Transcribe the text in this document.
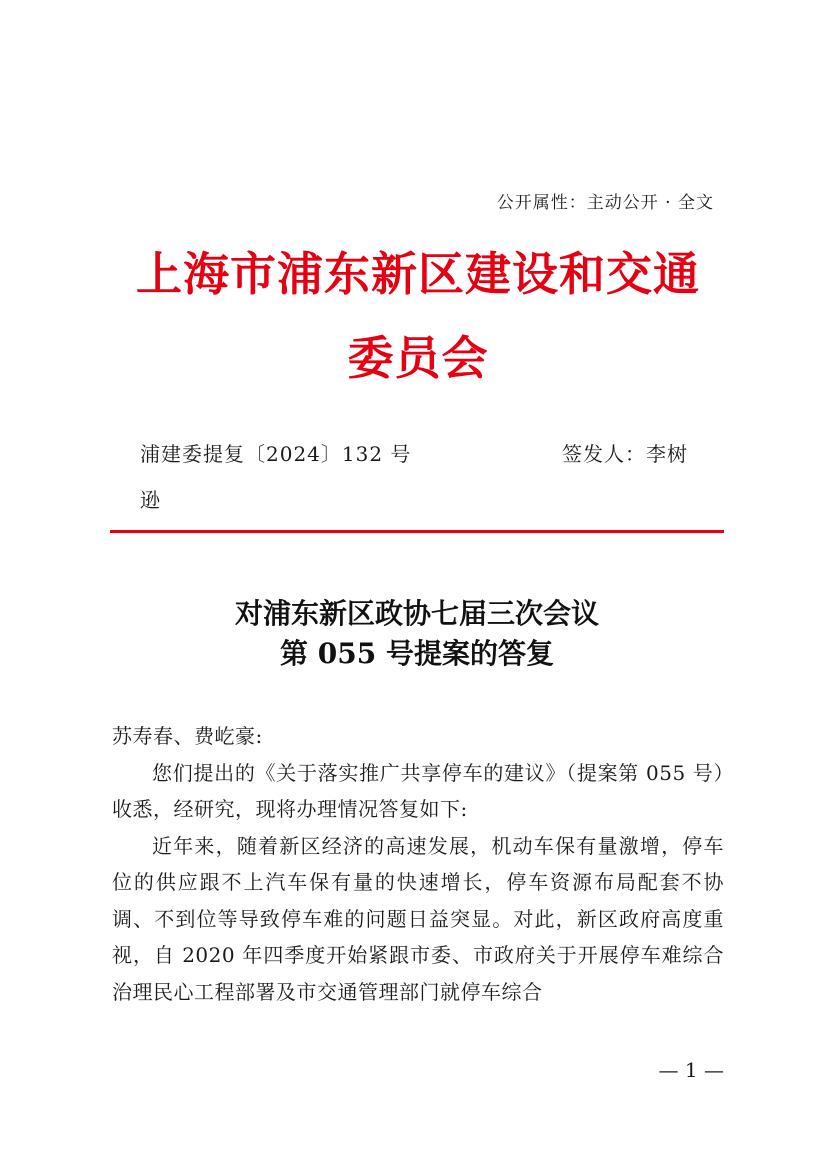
公开属性：主动公开 · 全文
上海市浦东新区建设和交通委员会
浦建委提复〔2024〕132 号	签发人：李树
逊
对浦东新区政协七届三次会议
第 055 号提案的答复

苏寿春、费屹豪:

您们提出的《关于落实推广共享停车的建议》（提案第 055 号）收悉，经研究，现将办理情况答复如下:

近年来，随着新区经济的高速发展，机动车保有量激增，停车位的供应跟不上汽车保有量的快速增长，停车资源布局配套不协调、不到位等导致停车难的问题日益突显。对此，新区政府高度重视，自 2020 年四季度开始紧跟市委、市政府关于开展停车难综合治理民心工程部署及市交通管理部门就停车综合

— 1 —
